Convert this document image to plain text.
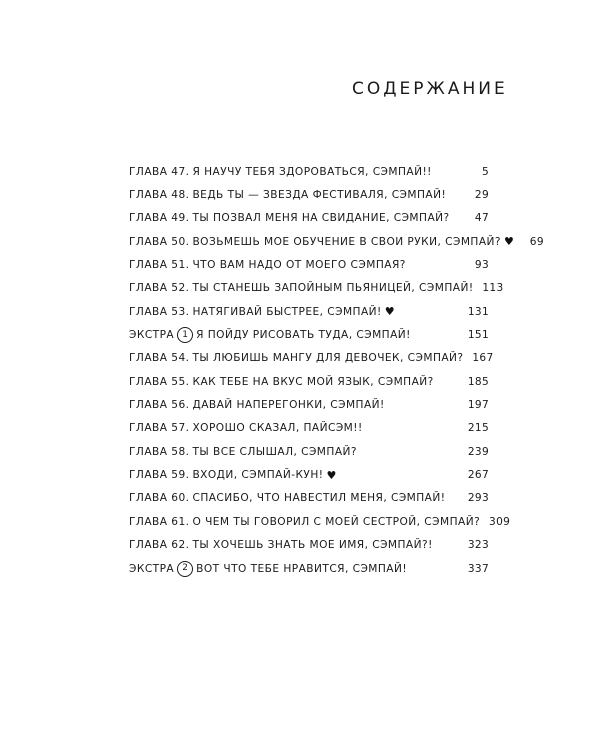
СОДЕРЖАНИЕ
ГЛАВА 47. Я НАУЧУ ТЕБЯ ЗДОРОВАТЬСЯ, СЭМПАЙ!!	5
ГЛАВА 48. ВЕДЬ ТЫ — ЗВЕЗДА ФЕСТИВАЛЯ, СЭМПАЙ!	29
ГЛАВА 49. ТЫ ПОЗВАЛ МЕНЯ НА СВИДАНИЕ, СЭМПАЙ?	47
ГЛАВА 50. ВОЗЬМЕШЬ МОЕ ОБУЧЕНИЕ В СВОИ РУКИ, СЭМПАЙ? ♥	69
ГЛАВА 51. ЧТО ВАМ НАДО ОТ МОЕГО СЭМПАЯ?	93
ГЛАВА 52. ТЫ СТАНЕШЬ ЗАПОЙНЫМ ПЬЯНИЦЕЙ, СЭМПАЙ! 113
ГЛАВА 53. НАТЯГИВАЙ БЫСТРЕЕ, СЭМПАЙ! ♥	131
ЭКСТРА 1 Я ПОЙДУ РИСОВАТЬ ТУДА, СЭМПАЙ!	151
ГЛАВА 54. ТЫ ЛЮБИШЬ МАНГУ ДЛЯ ДЕВОЧЕК, СЭМПАЙ? 167
ГЛАВА 55. КАК ТЕБЕ НА ВКУС МОЙ ЯЗЫК, СЭМПАЙ?	185
ГЛАВА 56. ДАВАЙ НАПЕРЕГОНКИ, СЭМПАЙ!	197
ГЛАВА 57. ХОРОШО СКАЗАЛ, ПАЙСЭМ!!	215
ГЛАВА 58. ТЫ ВСЕ СЛЫШАЛ, СЭМПАЙ?	239
ГЛАВА 59. ВХОДИ, СЭМПАЙ-КУН! ♥	267
ГЛАВА 60. СПАСИБО, ЧТО НАВЕСТИЛ МЕНЯ, СЭМПАЙ!	293
ГЛАВА 61. О ЧЕМ ТЫ ГОВОРИЛ С МОЕЙ СЕСТРОЙ, СЭМПАЙ? 309
ГЛАВА 62. ТЫ ХОЧЕШЬ ЗНАТЬ МОЕ ИМЯ, СЭМПАЙ?!	323
ЭКСТРА 2 ВОТ ЧТО ТЕБЕ НРАВИТСЯ, СЭМПАЙ!	337
